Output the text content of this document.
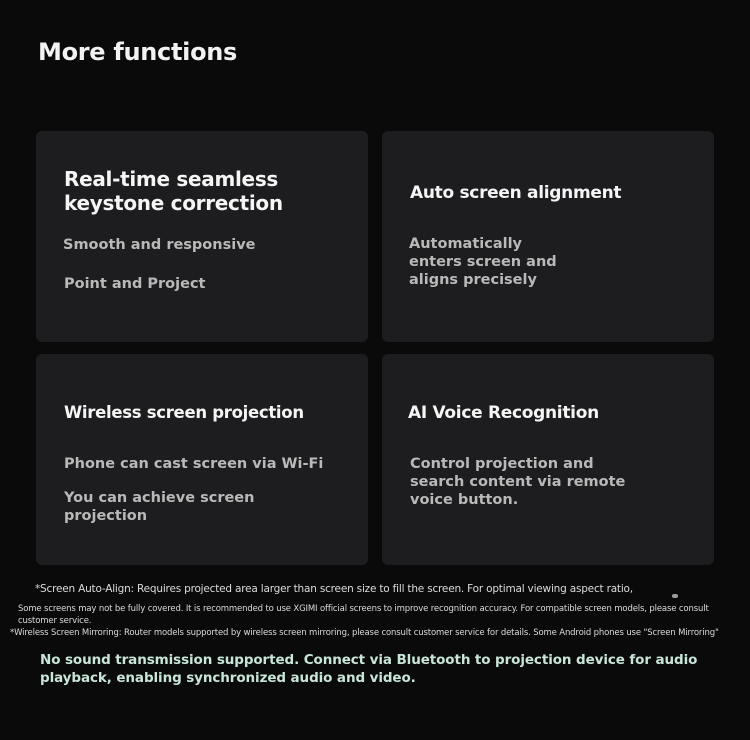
More functions
Real-time seamless keystone correction
Smooth and responsive
Point and Project
Auto screen alignment
Automatically enters screen and aligns precisely
Wireless screen projection
Phone can cast screen via Wi-Fi
You can achieve screen projection
AI Voice Recognition
Control projection and search content via remote voice button.
*Screen Auto-Align: Requires projected area larger than screen size to fill the screen. For optimal viewing aspect ratio,
Some screens may not be fully covered. It is recommended to use XGIMI official screens to improve recognition accuracy. For compatible screen models, please consult customer service.
*Wireless Screen Mirroring: Router models supported by wireless screen mirroring, please consult customer service for details. Some Android phones use "Screen Mirroring"
No sound transmission supported. Connect via Bluetooth to projection device for audio playback, enabling synchronized audio and video.
